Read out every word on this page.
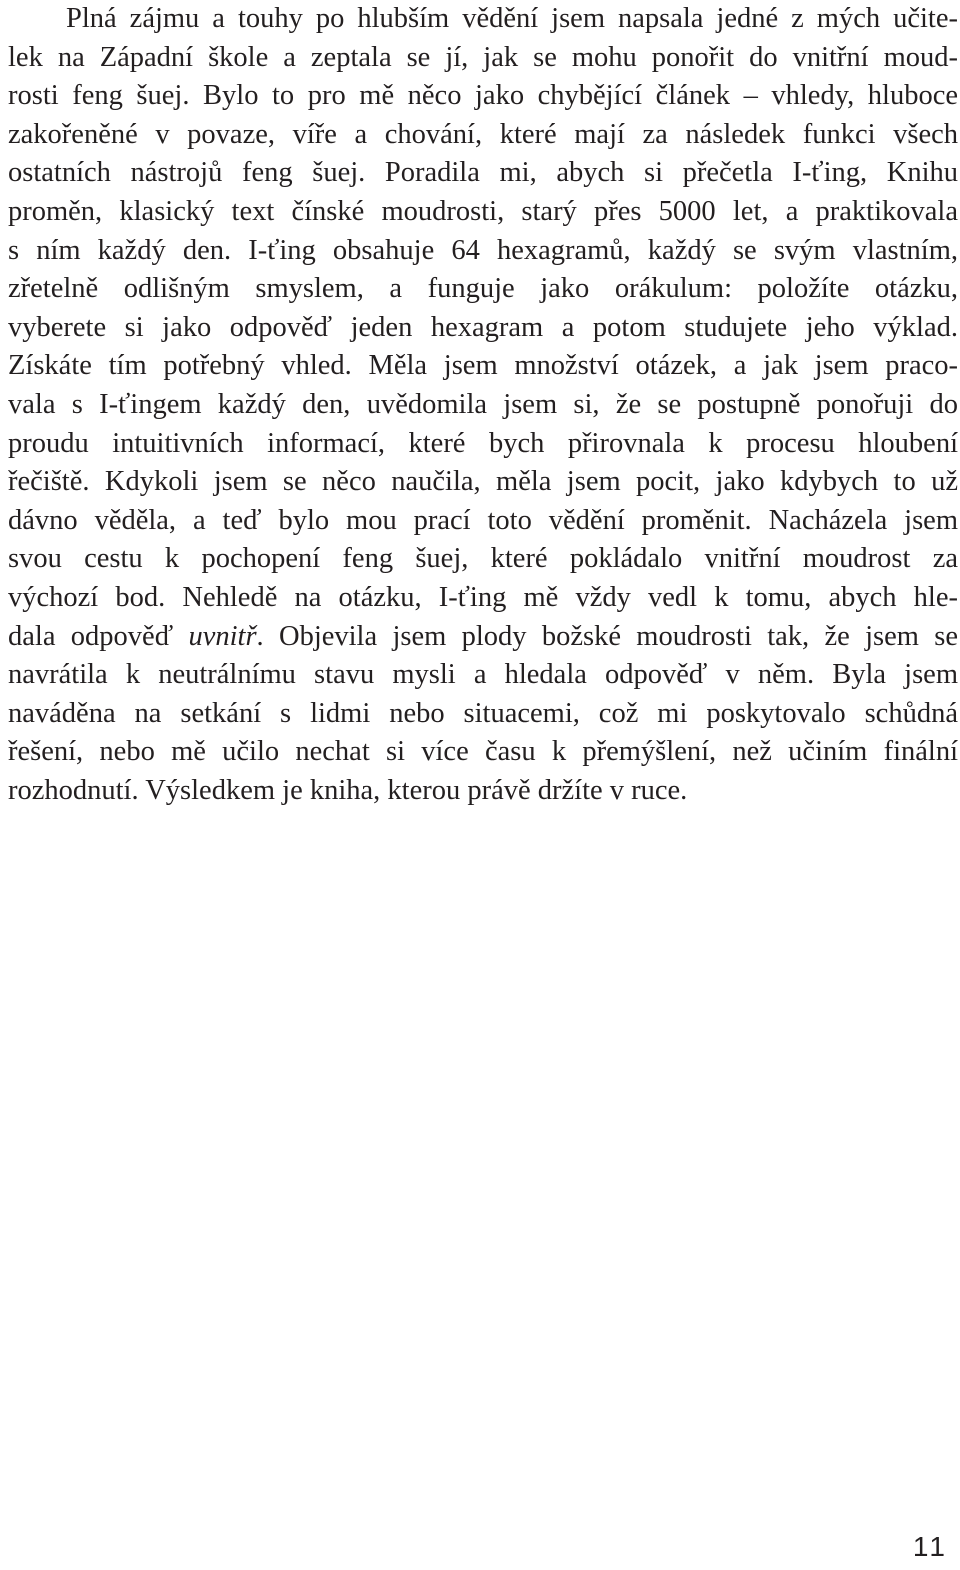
Plná zájmu a touhy po hlubším vědění jsem napsala jedné z mých učite-
lek na Západní škole a zeptala se jí, jak se mohu ponořit do vnitřní moud-
rosti feng šuej. Bylo to pro mě něco jako chybějící článek – vhledy, hluboce
zakořeněné v povaze, víře a chování, které mají za následek funkci všech
ostatních nástrojů feng šuej. Poradila mi, abych si přečetla I-ťing, Knihu
proměn, klasický text čínské moudrosti, starý přes 5000 let, a praktikovala
s ním každý den. I-ťing obsahuje 64 hexagramů, každý se svým vlastním,
zřetelně odlišným smyslem, a funguje jako orákulum: položíte otázku,
vyberete si jako odpověď jeden hexagram a potom studujete jeho výklad.
Získáte tím potřebný vhled. Měla jsem množství otázek, a jak jsem praco-
vala s I-ťingem každý den, uvědomila jsem si, že se postupně ponořuji do
proudu intuitivních informací, které bych přirovnala k procesu hloubení
řečiště. Kdykoli jsem se něco naučila, měla jsem pocit, jako kdybych to už
dávno věděla, a teď bylo mou prací toto vědění proměnit. Nacházela jsem
svou cestu k pochopení feng šuej, které pokládalo vnitřní moudrost za
výchozí bod. Nehledě na otázku, I-ťing mě vždy vedl k tomu, abych hle-
dala odpověď uvnitř. Objevila jsem plody božské moudrosti tak, že jsem se
navrátila k neutrálnímu stavu mysli a hledala odpověď v něm. Byla jsem
naváděna na setkání s lidmi nebo situacemi, což mi poskytovalo schůdná
řešení, nebo mě učilo nechat si více času k přemýšlení, než učiním finální
rozhodnutí. Výsledkem je kniha, kterou právě držíte v ruce.

11
